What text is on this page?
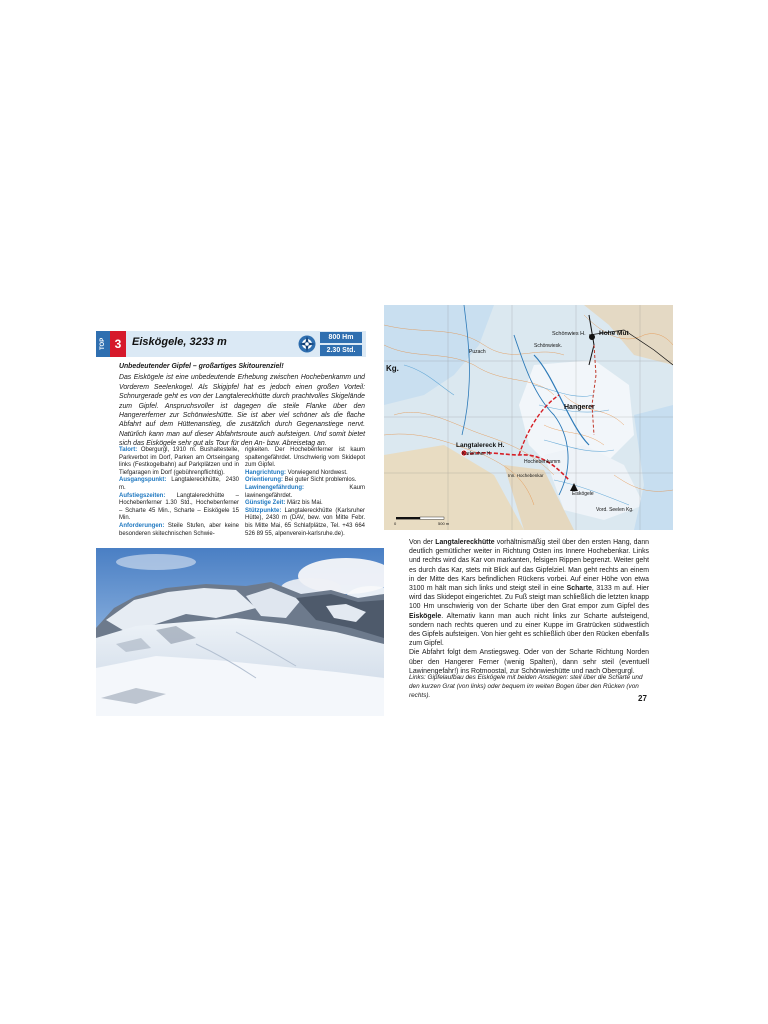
TOP 3 Eiskögele, 3233 m	800 Hm
2.30 Std.
Unbedeutender Gipfel – großartiges Skitourenziel!

Das Eiskögele ist eine unbedeutende Erhebung zwischen Hochebenkamm und Vorderem Seelenkogel. Als Skigipfel hat es jedoch einen großen Vorteil: Schnurgerade geht es von der Langtalereckhütte durch prachtvolles Skigelände zum Gipfel. Anspruchsvoller ist dagegen die steile Flanke über den Hangererferner zur Schönwieshütte. Sie ist aber viel schöner als die flache Abfahrt auf dem Hüttenanstieg, die zusätzlich durch Gegenanstiege nervt. Natürlich kann man auf dieser Abfahrtsroute auch aufsteigen. Und somit bietet sich das Eiskögele sehr gut als Tour für den An- bzw. Abreisetag an.

Talort: Obergurgl, 1910 m. Bushaltestelle, Parkverbot im Dorf, Parken am Ortseingang links (Festkogelbahn) auf Parkplätzen und in Tiefgaragen im Dorf (gebührenpflichtig).

Ausgangspunkt: Langtalereckhütte, 2430 m.

Aufstiegszeiten: Langtalereckhütte – Hochebenferner 1.30 Std., Hochebenferner – Scharte 45 Min., Scharte – Eiskögele 15 Min.

Anforderungen: Steile Stufen, aber keine besonderen skitechnischen Schwie-

rigkeiten. Der Hochebenferner ist kaum spaltengefährdet. Unschwierig vom Skidepot zum Gipfel.

Hangrichtung: Vorwiegend Nordwest.

Orientierung: Bei guter Sicht problemlos.

Lawinengefährdung: Kaum lawinengefährdet.

Günstige Zeit: März bis Mai.

Stützpunkte: Langtalereckhütte (Karlsruher Hütte), 2430 m (DAV, bew. von Mitte Febr. bis Mitte Mai, 65 Schlafplätze, Tel. +43 664 526 89 55, alpenverein-karlsruhe.de).

Schönwies H. Hohe Mut
Langtalereck H.
Karlsruher H.
Hangerer
Hochebenkamm
Eiskögele
Vord. Seelen Kg.
Puzach
Inn. Hochebenkar
Kg.
Schönwiesk.
0	500 m

Von der Langtalereckhütte vorhältnismäßig steil über den ersten Hang, dann deutlich gemütlicher weiter in Richtung Osten ins Innere Hochebenkar. Links und rechts wird das Kar von markanten, felsigen Rippen begrenzt. Weiter geht es durch das Kar, stets mit Blick auf das Gipfelziel. Man geht rechts an einem in der Mitte des Kars befindlichen Rückens vorbei. Auf einer Höhe von etwa 3100 m hält man sich links und steigt steil in eine Scharte, 3133 m auf. Hier wird das Skidepot eingerichtet. Zu Fuß steigt man schließlich die letzten knapp 100 Hm unschwierig von der Scharte über den Grat empor zum Gipfel des Eiskögele. Alternativ kann man auch nicht links zur Scharte aufsteigend, sondern nach rechts queren und zu einer Kuppe im Gratrücken südwestlich des Gipfels aufsteigen. Von hier geht es schließlich über den Rücken ebenfalls zum Gipfel.

Die Abfahrt folgt dem Anstiegsweg. Oder von der Scharte Richtung Norden über den Hangerer Ferner (wenig Spalten), dann sehr steil (eventuell Lawinengefahr!) ins Rotmoostal, zur Schönwieshütte und nach Obergurgl.

Links: Gipfelaufbau des Eiskögele mit beiden Anstiegen: steil über die Scharte und den kurzen Grat (von links) oder bequem im weiten Bogen über den Rücken (von rechts).	27
